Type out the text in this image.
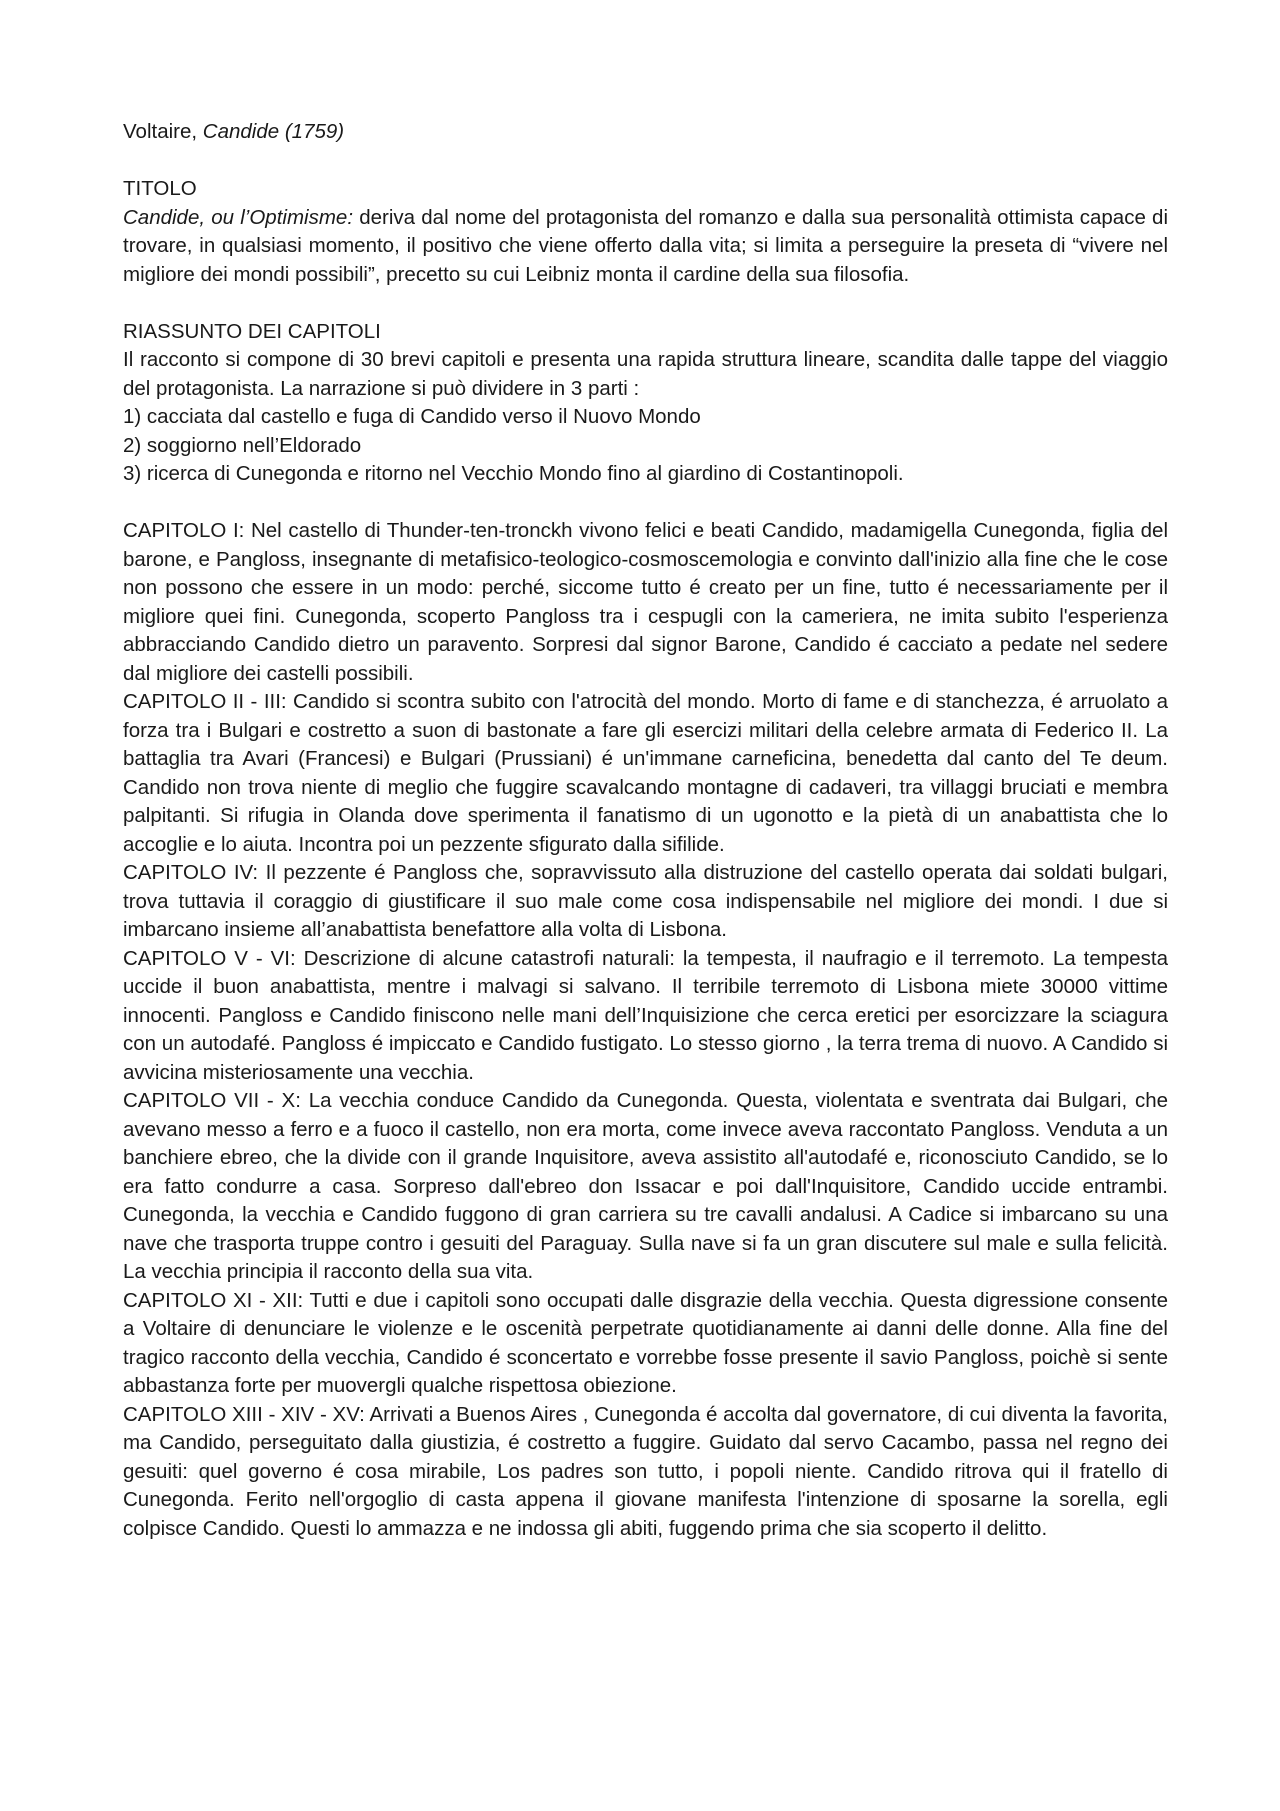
Voltaire, Candide (1759)

TITOLO

Candide, ou l’Optimisme: deriva dal nome del protagonista del romanzo e dalla sua personalità ottimista capace di trovare, in qualsiasi momento, il positivo che viene offerto dalla vita; si limita a perseguire la preseta di “vivere nel migliore dei mondi possibili”, precetto su cui Leibniz monta il cardine della sua filosofia.

RIASSUNTO DEI CAPITOLI

Il racconto si compone di 30 brevi capitoli e presenta una rapida struttura lineare, scandita dalle tappe del viaggio del protagonista. La narrazione si può dividere in 3 parti :

1) cacciata dal castello e fuga di Candido verso il Nuovo Mondo

2) soggiorno nell’Eldorado

3) ricerca di Cunegonda e ritorno nel Vecchio Mondo fino al giardino di Costantinopoli.

CAPITOLO I: Nel castello di Thunder-ten-tronckh vivono felici e beati Candido, madamigella Cunegonda, figlia del barone, e Pangloss, insegnante di metafisico-teologico-cosmoscemologia e convinto dall'inizio alla fine che le cose non possono che essere in un modo: perché, siccome tutto é creato per un fine, tutto é necessariamente per il migliore quei fini. Cunegonda, scoperto Pangloss tra i cespugli con la cameriera, ne imita subito l'esperienza abbracciando Candido dietro un paravento. Sorpresi dal signor Barone, Candido é cacciato a pedate nel sedere dal migliore dei castelli possibili.

CAPITOLO II - III: Candido si scontra subito con l'atrocità del mondo. Morto di fame e di stanchezza, é arruolato a forza tra i Bulgari e costretto a suon di bastonate a fare gli esercizi militari della celebre armata di Federico II. La battaglia tra Avari (Francesi) e Bulgari (Prussiani) é un'immane carneficina, benedetta dal canto del Te deum. Candido non trova niente di meglio che fuggire scavalcando montagne di cadaveri, tra villaggi bruciati e membra palpitanti. Si rifugia in Olanda dove sperimenta il fanatismo di un ugonotto e la pietà di un anabattista che lo accoglie e lo aiuta. Incontra poi un pezzente sfigurato dalla sifilide.

CAPITOLO IV: Il pezzente é Pangloss che, sopravvissuto alla distruzione del castello operata dai soldati bulgari, trova tuttavia il coraggio di giustificare il suo male come cosa indispensabile nel migliore dei mondi. I due si imbarcano insieme all’anabattista benefattore alla volta di Lisbona.

CAPITOLO V - VI: Descrizione di alcune catastrofi naturali: la tempesta, il naufragio e il terremoto. La tempesta uccide il buon anabattista, mentre i malvagi si salvano. Il terribile terremoto di Lisbona miete 30000 vittime innocenti. Pangloss e Candido finiscono nelle mani dell’Inquisizione che cerca eretici per esorcizzare la sciagura con un autodafé. Pangloss é impiccato e Candido fustigato. Lo stesso giorno , la terra trema di nuovo. A Candido si avvicina misteriosamente una vecchia.

CAPITOLO VII - X: La vecchia conduce Candido da Cunegonda. Questa, violentata e sventrata dai Bulgari, che avevano messo a ferro e a fuoco il castello, non era morta, come invece aveva raccontato Pangloss. Venduta a un banchiere ebreo, che la divide con il grande Inquisitore, aveva assistito all'autodafé e, riconosciuto Candido, se lo era fatto condurre a casa. Sorpreso dall'ebreo don Issacar e poi dall'Inquisitore, Candido uccide entrambi. Cunegonda, la vecchia e Candido fuggono di gran carriera su tre cavalli andalusi. A Cadice si imbarcano su una nave che trasporta truppe contro i gesuiti del Paraguay. Sulla nave si fa un gran discutere sul male e sulla felicità. La vecchia principia il racconto della sua vita.

CAPITOLO XI - XII: Tutti e due i capitoli sono occupati dalle disgrazie della vecchia. Questa digressione consente a Voltaire di denunciare le violenze e le oscenità perpetrate quotidianamente ai danni delle donne. Alla fine del tragico racconto della vecchia, Candido é sconcertato e vorrebbe fosse presente il savio Pangloss, poichè si sente abbastanza forte per muovergli qualche rispettosa obiezione.

CAPITOLO XIII - XIV - XV: Arrivati a Buenos Aires , Cunegonda é accolta dal governatore, di cui diventa la favorita, ma Candido, perseguitato dalla giustizia, é costretto a fuggire. Guidato dal servo Cacambo, passa nel regno dei gesuiti: quel governo é cosa mirabile, Los padres son tutto, i popoli niente. Candido ritrova qui il fratello di Cunegonda. Ferito nell'orgoglio di casta appena il giovane manifesta l'intenzione di sposarne la sorella, egli colpisce Candido. Questi lo ammazza e ne indossa gli abiti, fuggendo prima che sia scoperto il delitto.
